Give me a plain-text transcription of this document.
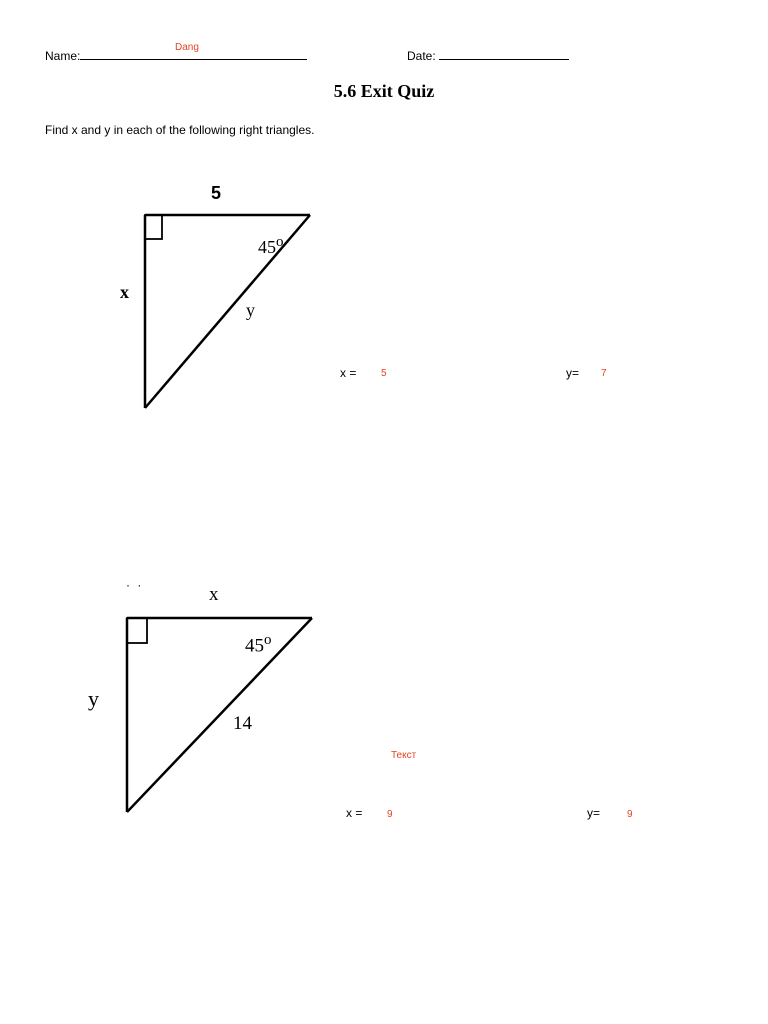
Name:
Dang
Date:
5.6 Exit Quiz
Find x and y in each of the following right triangles.
5
x
y
45$^o$
x = 5	y= 7
· ·	x
y
14
45$^o$
Текст
x = 9	y=	9
